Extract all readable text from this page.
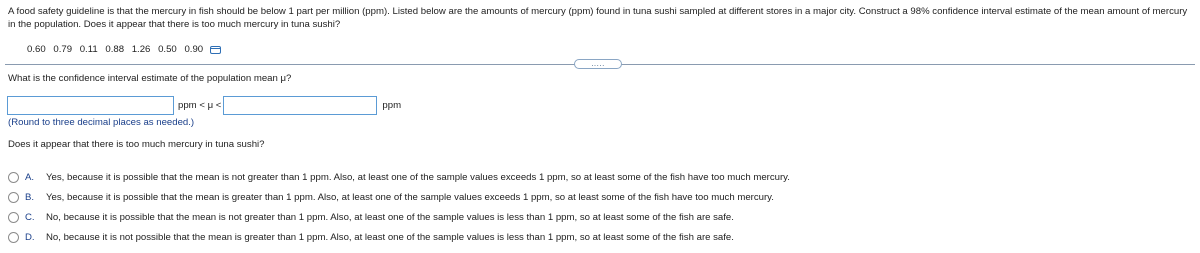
A food safety guideline is that the mercury in fish should be below 1 part per million (ppm). Listed below are the amounts of mercury (ppm) found in tuna sushi sampled at different stores in a major city. Construct a 98% confidence interval estimate of the mean amount of mercury in the population. Does it appear that there is too much mercury in tuna sushi?
0.60 0.79 0.11 0.88 1.26 0.50 0.90
.....
What is the confidence interval estimate of the population mean μ?
ppm < μ <	ppm
(Round to three decimal places as needed.)
Does it appear that there is too much mercury in tuna sushi?
A.	Yes, because it is possible that the mean is not greater than 1 ppm. Also, at least one of the sample values exceeds 1 ppm, so at least some of the fish have too much mercury.
B.	Yes, because it is possible that the mean is greater than 1 ppm. Also, at least one of the sample values exceeds 1 ppm, so at least some of the fish have too much mercury.
C.	No, because it is possible that the mean is not greater than 1 ppm. Also, at least one of the sample values is less than 1 ppm, so at least some of the fish are safe.
D.	No, because it is not possible that the mean is greater than 1 ppm. Also, at least one of the sample values is less than 1 ppm, so at least some of the fish are safe.
